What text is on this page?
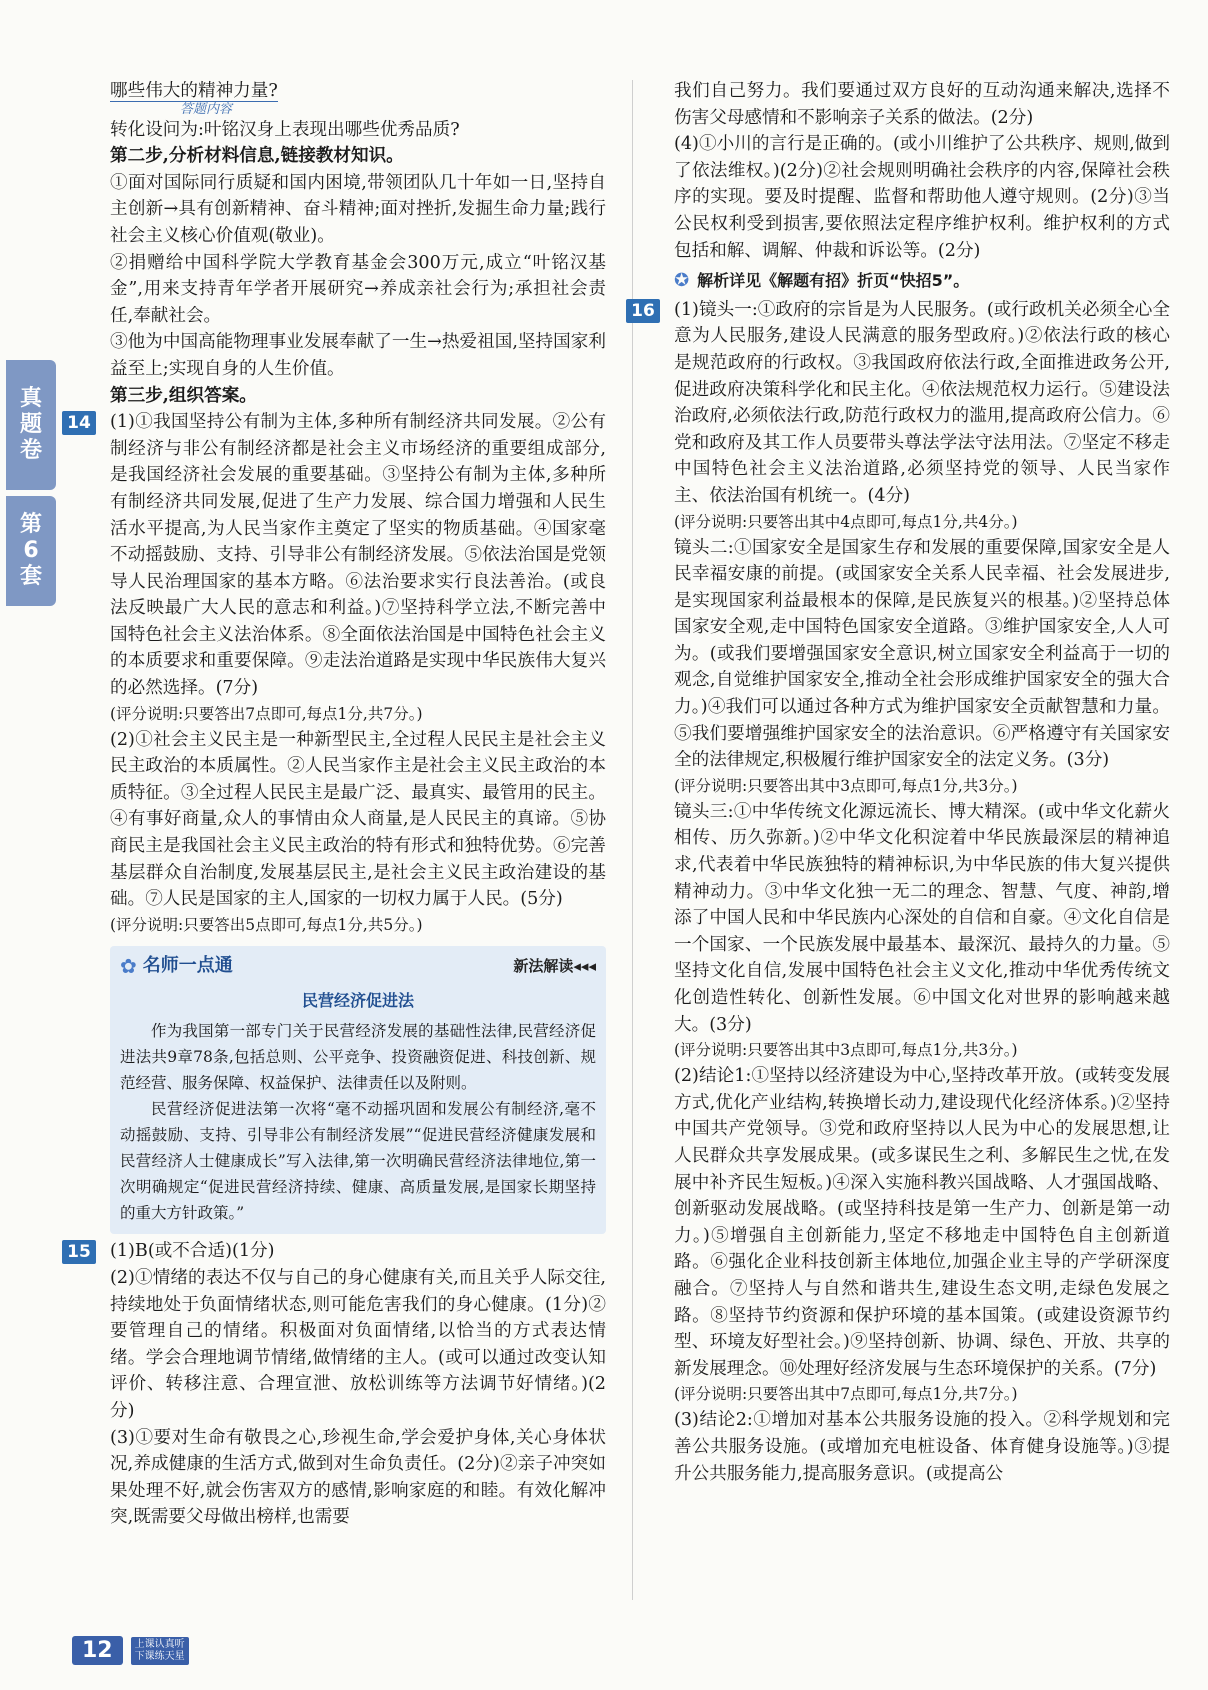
真题卷
第6套

哪些伟大的精神力量?

答题内容

转化设问为:叶铭汉身上表现出哪些优秀品质?

第二步,分析材料信息,链接教材知识。

①面对国际同行质疑和国内困境,带领团队几十年如一日,坚持自主创新→具有创新精神、奋斗精神;面对挫折,发掘生命力量;践行社会主义核心价值观(敬业)。

②捐赠给中国科学院大学教育基金会300万元,成立“叶铭汉基金”,用来支持青年学者开展研究→养成亲社会行为;承担社会责任,奉献社会。

③他为中国高能物理事业发展奉献了一生→热爱祖国,坚持国家利益至上;实现自身的人生价值。

第三步,组织答案。

14 (1)①我国坚持公有制为主体,多种所有制经济共同发展。②公有制经济与非公有制经济都是社会主义市场经济的重要组成部分,是我国经济社会发展的重要基础。③坚持公有制为主体,多种所有制经济共同发展,促进了生产力发展、综合国力增强和人民生活水平提高,为人民当家作主奠定了坚实的物质基础。④国家毫不动摇鼓励、支持、引导非公有制经济发展。⑤依法治国是党领导人民治理国家的基本方略。⑥法治要求实行良法善治。(或良法反映最广大人民的意志和利益。)⑦坚持科学立法,不断完善中国特色社会主义法治体系。⑧全面依法治国是中国特色社会主义的本质要求和重要保障。⑨走法治道路是实现中华民族伟大复兴的必然选择。(7分)

(评分说明:只要答出7点即可,每点1分,共7分。)

(2)①社会主义民主是一种新型民主,全过程人民民主是社会主义民主政治的本质属性。②人民当家作主是社会主义民主政治的本质特征。③全过程人民民主是最广泛、最真实、最管用的民主。④有事好商量,众人的事情由众人商量,是人民民主的真谛。⑤协商民主是我国社会主义民主政治的特有形式和独特优势。⑥完善基层群众自治制度,发展基层民主,是社会主义民主政治建设的基础。⑦人民是国家的主人,国家的一切权力属于人民。(5分)

(评分说明:只要答出5点即可,每点1分,共5分。)

✿ 名师一点通	新法解读◂◂◂
民营经济促进法

作为我国第一部专门关于民营经济发展的基础性法律,民营经济促进法共9章78条,包括总则、公平竞争、投资融资促进、科技创新、规范经营、服务保障、权益保护、法律责任以及附则。

民营经济促进法第一次将“毫不动摇巩固和发展公有制经济,毫不动摇鼓励、支持、引导非公有制经济发展”“促进民营经济健康发展和民营经济人士健康成长”写入法律,第一次明确民营经济法律地位,第一次明确规定“促进民营经济持续、健康、高质量发展,是国家长期坚持的重大方针政策。”

15 (1)B(或不合适)(1分)

(2)①情绪的表达不仅与自己的身心健康有关,而且关乎人际交往,持续地处于负面情绪状态,则可能危害我们的身心健康。(1分)②要管理自己的情绪。积极面对负面情绪,以恰当的方式表达情绪。学会合理地调节情绪,做情绪的主人。(或可以通过改变认知评价、转移注意、合理宣泄、放松训练等方法调节好情绪。)(2分)

(3)①要对生命有敬畏之心,珍视生命,学会爱护身体,关心身体状况,养成健康的生活方式,做到对生命负责任。(2分)②亲子冲突如果处理不好,就会伤害双方的感情,影响家庭的和睦。有效化解冲突,既需要父母做出榜样,也需要

我们自己努力。我们要通过双方良好的互动沟通来解决,选择不伤害父母感情和不影响亲子关系的做法。(2分)

(4)①小川的言行是正确的。(或小川维护了公共秩序、规则,做到了依法维权。)(2分)②社会规则明确社会秩序的内容,保障社会秩序的实现。要及时提醒、监督和帮助他人遵守规则。(2分)③当公民权利受到损害,要依照法定程序维护权利。维护权利的方式包括和解、调解、仲裁和诉讼等。(2分)

✪ 解析详见《解题有招》折页“快招5”。
16 (1)镜头一:①政府的宗旨是为人民服务。(或行政机关必须全心全意为人民服务,建设人民满意的服务型政府。)②依法行政的核心是规范政府的行政权。③我国政府依法行政,全面推进政务公开,促进政府决策科学化和民主化。④依法规范权力运行。⑤建设法治政府,必须依法行政,防范行政权力的滥用,提高政府公信力。⑥党和政府及其工作人员要带头尊法学法守法用法。⑦坚定不移走中国特色社会主义法治道路,必须坚持党的领导、人民当家作主、依法治国有机统一。(4分)

(评分说明:只要答出其中4点即可,每点1分,共4分。)

镜头二:①国家安全是国家生存和发展的重要保障,国家安全是人民幸福安康的前提。(或国家安全关系人民幸福、社会发展进步,是实现国家利益最根本的保障,是民族复兴的根基。)②坚持总体国家安全观,走中国特色国家安全道路。③维护国家安全,人人可为。(或我们要增强国家安全意识,树立国家安全利益高于一切的观念,自觉维护国家安全,推动全社会形成维护国家安全的强大合力。)④我们可以通过各种方式为维护国家安全贡献智慧和力量。⑤我们要增强维护国家安全的法治意识。⑥严格遵守有关国家安全的法律规定,积极履行维护国家安全的法定义务。(3分)

(评分说明:只要答出其中3点即可,每点1分,共3分。)

镜头三:①中华传统文化源远流长、博大精深。(或中华文化薪火相传、历久弥新。)②中华文化积淀着中华民族最深层的精神追求,代表着中华民族独特的精神标识,为中华民族的伟大复兴提供精神动力。③中华文化独一无二的理念、智慧、气度、神韵,增添了中国人民和中华民族内心深处的自信和自豪。④文化自信是一个国家、一个民族发展中最基本、最深沉、最持久的力量。⑤坚持文化自信,发展中国特色社会主义文化,推动中华优秀传统文化创造性转化、创新性发展。⑥中国文化对世界的影响越来越大。(3分)

(评分说明:只要答出其中3点即可,每点1分,共3分。)

(2)结论1:①坚持以经济建设为中心,坚持改革开放。(或转变发展方式,优化产业结构,转换增长动力,建设现代化经济体系。)②坚持中国共产党领导。③党和政府坚持以人民为中心的发展思想,让人民群众共享发展成果。(或多谋民生之利、多解民生之忧,在发展中补齐民生短板。)④深入实施科教兴国战略、人才强国战略、创新驱动发展战略。(或坚持科技是第一生产力、创新是第一动力。)⑤增强自主创新能力,坚定不移地走中国特色自主创新道路。⑥强化企业科技创新主体地位,加强企业主导的产学研深度融合。⑦坚持人与自然和谐共生,建设生态文明,走绿色发展之路。⑧坚持节约资源和保护环境的基本国策。(或建设资源节约型、环境友好型社会。)⑨坚持创新、协调、绿色、开放、共享的新发展理念。⑩处理好经济发展与生态环境保护的关系。(7分)

(评分说明:只要答出其中7点即可,每点1分,共7分。)

(3)结论2:①增加对基本公共服务设施的投入。②科学规划和完善公共服务设施。(或增加充电桩设备、体育健身设施等。)③提升公共服务能力,提高服务意识。(或提高公

12	上课认真听
下课练天星
